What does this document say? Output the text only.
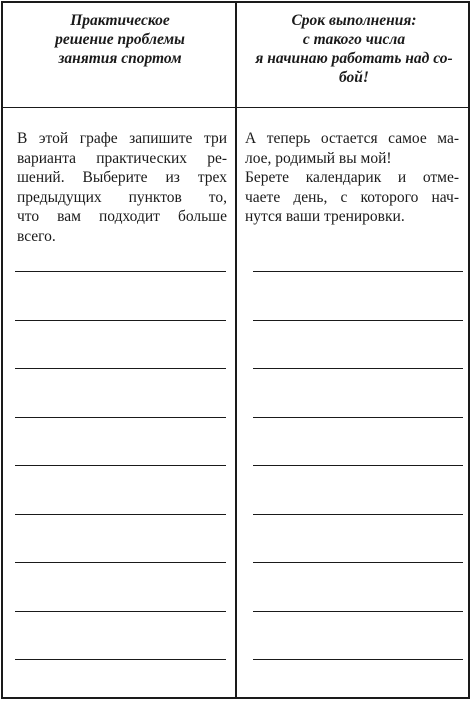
Практическое
решение проблемы
занятия спортом
Срок выполнения:
с такого числа
я начинаю работать над со-
бой!
В этой графе запишите три
варианта практических ре-
шений. Выберите из трех
предыдущих пунктов то,
что вам подходит больше
всего.
А теперь остается самое ма-
лое, родимый вы мой!
Берете календарик и отме-
чаете день, с которого нач-
нутся ваши тренировки.
